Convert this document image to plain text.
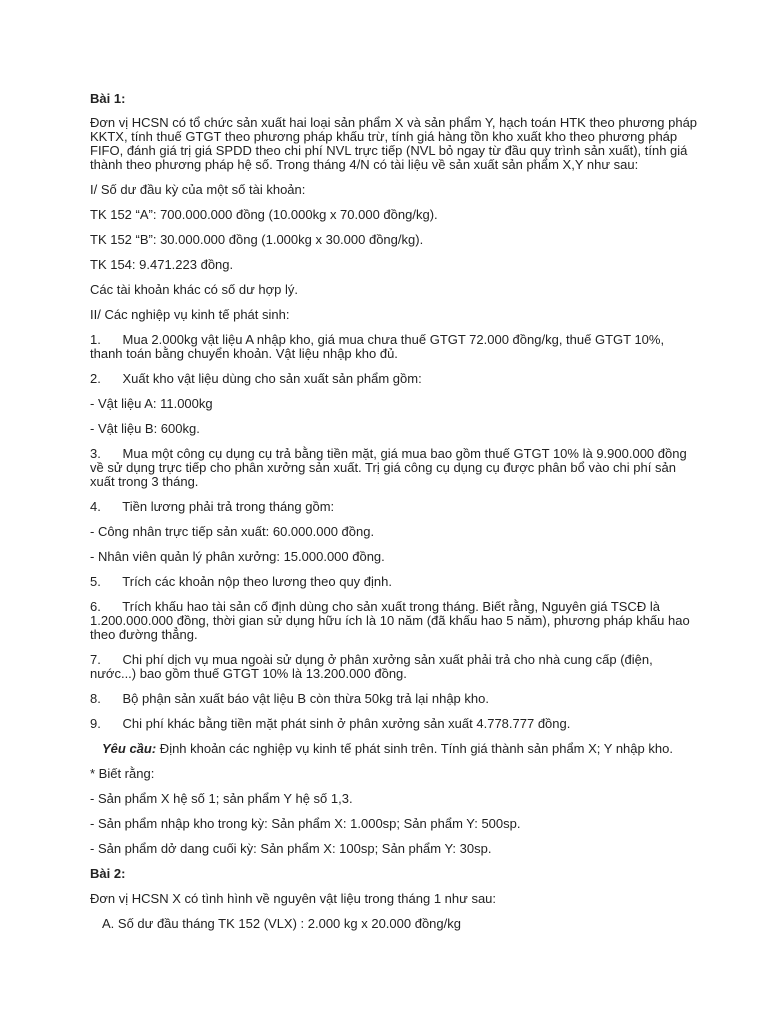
Bài 1:

Đơn vị HCSN có tổ chức sản xuất hai loại sản phẩm X và sản phẩm Y, hạch toán HTK theo phương pháp KKTX, tính thuế GTGT theo phương pháp khấu trừ, tính giá hàng tồn kho xuất kho theo phương pháp FIFO, đánh giá trị giá SPDD theo chi phí NVL trực tiếp (NVL bỏ ngay từ đầu quy trình sản xuất), tính giá thành theo phương pháp hệ số. Trong tháng 4/N có tài liệu về sản xuất sản phẩm X,Y như sau:

I/ Số dư đầu kỳ của một số tài khoản:

TK 152 “A”: 700.000.000 đồng (10.000kg x 70.000 đồng/kg).

TK 152 “B”: 30.000.000 đồng (1.000kg x 30.000 đồng/kg).

TK 154: 9.471.223 đồng.

Các tài khoản khác có số dư hợp lý.

II/ Các nghiệp vụ kinh tế phát sinh:

1.      Mua 2.000kg vật liệu A nhập kho, giá mua chưa thuế GTGT 72.000 đồng/kg, thuế GTGT 10%, thanh toán bằng chuyển khoản. Vật liệu nhập kho đủ.

2.      Xuất kho vật liệu dùng cho sản xuất sản phẩm gồm:

- Vật liệu A: 11.000kg

- Vật liệu B: 600kg.

3.      Mua một công cụ dụng cụ trả bằng tiền mặt, giá mua bao gồm thuế GTGT 10% là 9.900.000 đồng về sử dụng trực tiếp cho phân xưởng sản xuất. Trị giá công cụ dụng cụ được phân bổ vào chi phí sản xuất trong 3 tháng.

4.      Tiền lương phải trả trong tháng gồm:

- Công nhân trực tiếp sản xuất: 60.000.000 đồng.

- Nhân viên quản lý phân xưởng: 15.000.000 đồng.

5.      Trích các khoản nộp theo lương theo quy định.

6.      Trích khấu hao tài sản cố định dùng cho sản xuất trong tháng. Biết rằng, Nguyên giá TSCĐ là 1.200.000.000 đồng, thời gian sử dụng hữu ích là 10 năm (đã khấu hao 5 năm), phương pháp khấu hao theo đường thẳng.

7.      Chi phí dịch vụ mua ngoài sử dụng ở phân xưởng sản xuất phải trả cho nhà cung cấp (điện, nước...) bao gồm thuế GTGT 10% là 13.200.000 đồng.

8.      Bộ phận sản xuất báo vật liệu B còn thừa 50kg trả lại nhập kho.

9.      Chi phí khác bằng tiền mặt phát sinh ở phân xưởng sản xuất 4.778.777 đồng.

Yêu cầu: Định khoản các nghiệp vụ kinh tế phát sinh trên. Tính giá thành sản phẩm X; Y nhập kho.

* Biết rằng:

- Sản phẩm X hệ số 1; sản phẩm Y hệ số 1,3.

- Sản phẩm nhập kho trong kỳ: Sản phẩm X: 1.000sp; Sản phẩm Y: 500sp.

- Sản phẩm dở dang cuối kỳ: Sản phẩm X: 100sp; Sản phẩm Y: 30sp.

Bài 2:

Đơn vị HCSN X có tình hình về nguyên vật liệu trong tháng 1 như sau:

A. Số dư đầu tháng TK 152 (VLX) : 2.000 kg x 20.000 đồng/kg
